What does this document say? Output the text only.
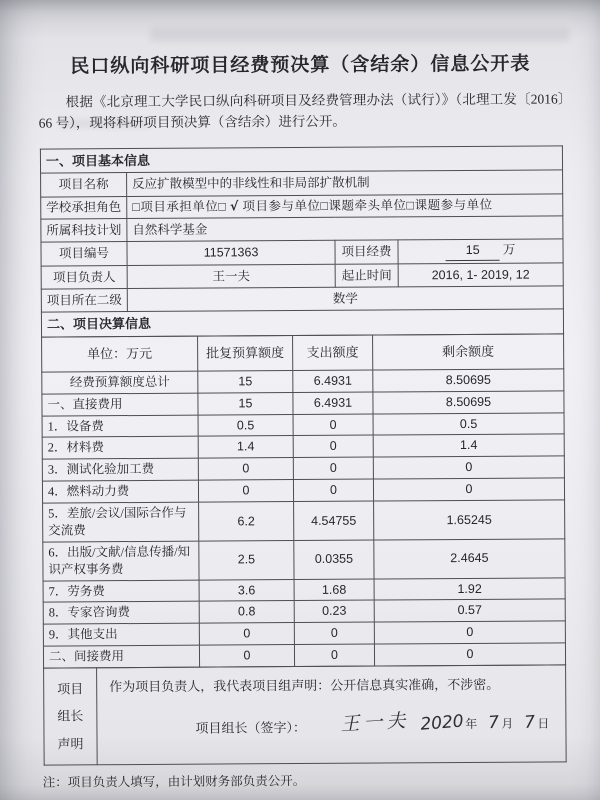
民口纵向科研项目经费预决算（含结余）信息公开表
根据《北京理工大学民口纵向科研项目及经费管理办法（试行）》（北理工发〔2016〕66 号），现将科研项目预决算（含结余）进行公开。
一、项目基本信息			
项目名称	反应扩散模型中的非线性和非局部扩散机制		
学校承担角色	□项目承担单位□ √ 项目参与单位□课题牵头单位□课题参与单位		
所属科技计划	自然科学基金		
项目编号	11571363	项目经费	15 万
项目负责人	王一夫	起止时间	2016, 1- 2019, 12
项目所在二级	数学		
二、项目决算信息			
单位：万元	批复预算额度	支出额度	剩余额度
经费预算额度总计	15	6.4931	8.50695
一、直接费用	15	6.4931	8.50695
1．设备费	0.5	0	0.5
2．材料费	1.4	0	1.4
3．测试化验加工费	0	0	0
4．燃料动力费	0	0	0
5．差旅/会议/国际合作与交流费	6.2	4.54755	1.65245
6．出版/文献/信息传播/知识产权事务费	2.5	0.0355	2.4645
7．劳务费	3.6	1.68	1.92
8．专家咨询费	0.8	0.23	0.57
9．其他支出	0	0	0
二、间接费用	0	0	0
项目
组长
声明

作为项目负责人，我代表项目组声明：公开信息真实准确，不涉密。
项目组长（签字）： 王一夫 2020年 7月 7日
注：项目负责人填写，由计划财务部负责公开。
